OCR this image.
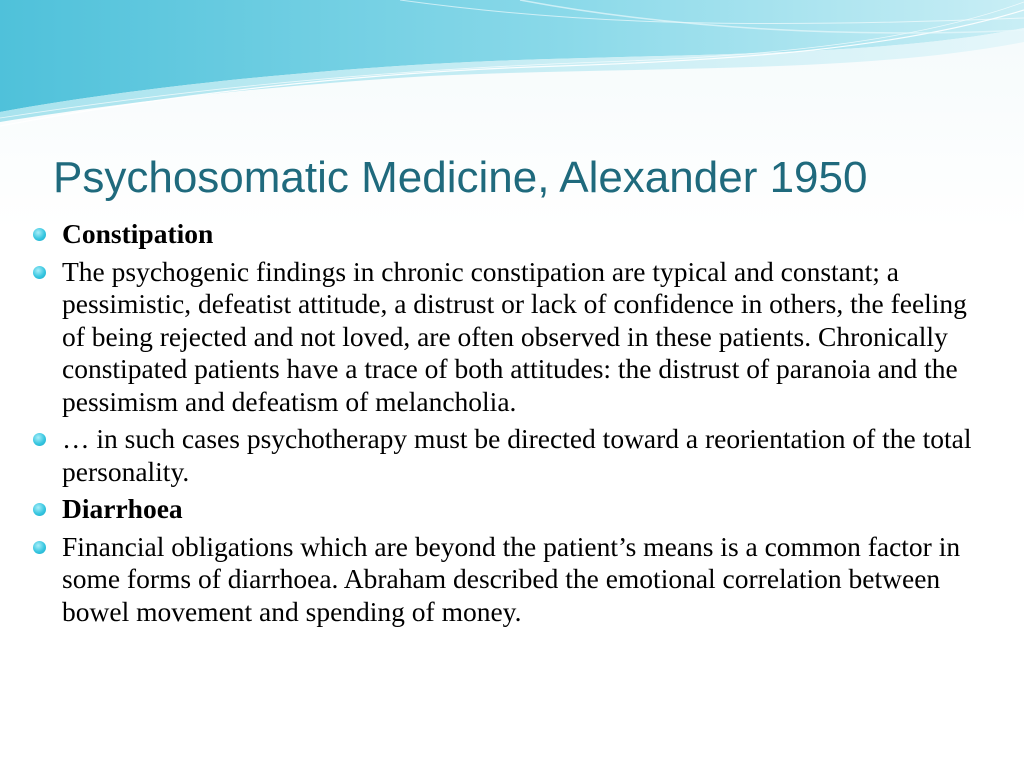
Psychosomatic Medicine, Alexander 1950
Constipation
The psychogenic findings in chronic constipation are typical and constant; a pessimistic, defeatist attitude, a distrust or lack of confidence in others, the feeling of being rejected and not loved, are often observed in these patients. Chronically constipated patients have a trace of both attitudes: the distrust of paranoia and the pessimism and defeatism of melancholia.
… in such cases psychotherapy must be directed toward a reorientation of the total personality.
Diarrhoea
Financial obligations which are beyond the patient’s means is a common factor in some forms of diarrhoea. Abraham described the emotional correlation between bowel movement and spending of money.
